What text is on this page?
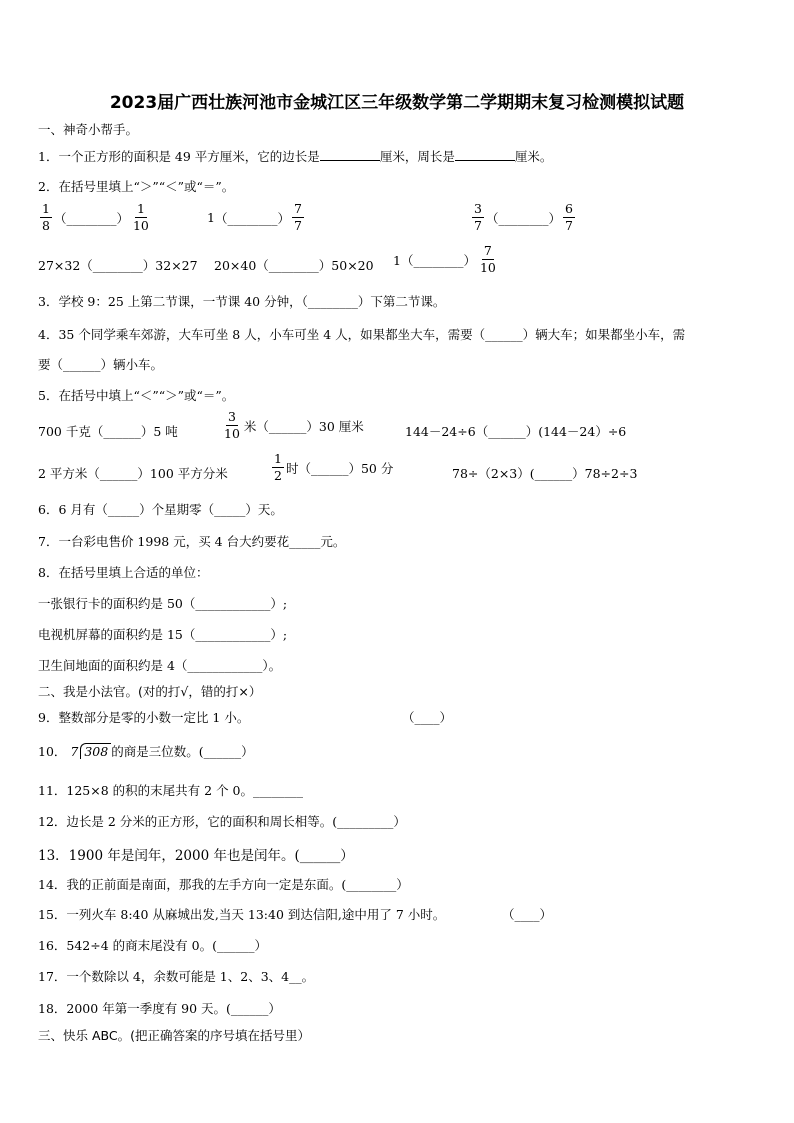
2023届广西壮族河池市金城江区三年级数学第二学期期末复习检测模拟试题
一、神奇小帮手。
1．一个正方形的面积是 49 平方厘米，它的边长是	厘米，周长是	厘米。
2．在括号里填上“＞”“＜”或“＝”。
$\frac{1}{8}$ （________） $\frac{1}{10}$	1 （________） $\frac{7}{7}$	$\frac{3}{7}$ （________） $\frac{6}{7}$
27×32（________）32×27 20×40（________）50×20 1（________） $\frac{7}{10}$
3．学校 9：25 上第二节课，一节课 40 分钟，（________）下第二节课。
4．35 个同学乘车郊游，大车可坐 8 人，小车可坐 4 人，如果都坐大车，需要（______）辆大车；如果都坐小车，需
要（______）辆小车。
5．在括号中填上“＜”“＞”或“＝”。
700 千克（______）5 吨	$\frac{3}{10}$ 米（______）30 厘米	144－24÷6（______）(144－24）÷6
2 平方米（______）100 平方分米	$\frac{1}{2}$ 时（______）50 分	78÷（2×3）(______）78÷2÷3
6．6 月有（_____）个星期零（_____）天。
7．一台彩电售价 1998 元，买 4 台大约要花_____元。
8．在括号里填上合适的单位：
一张银行卡的面积约是 50（____________）;
电视机屏幕的面积约是 15（____________）;
卫生间地面的面积约是 4（____________）。
二、我是小法官。(对的打√，错的打×）
9．整数部分是零的小数一定比 1 小。	（____）
10． 7 308 的商是三位数。(______）
11．125×8 的积的末尾共有 2 个 0。________
12．边长是 2 分米的正方形，它的面积和周长相等。(_________）
13．1900 年是闰年，2000 年也是闰年。(______）
14．我的正前面是南面，那我的左手方向一定是东面。(________）
15．一列火车 8:40 从麻城出发,当天 13:40 到达信阳,途中用了 7 小时。	（____）
16．542÷4 的商末尾没有 0。(______）
17．一个数除以 4，余数可能是 1、2、3、4__。
18．2000 年第一季度有 90 天。(______）
三、快乐 ABC。(把正确答案的序号填在括号里）
